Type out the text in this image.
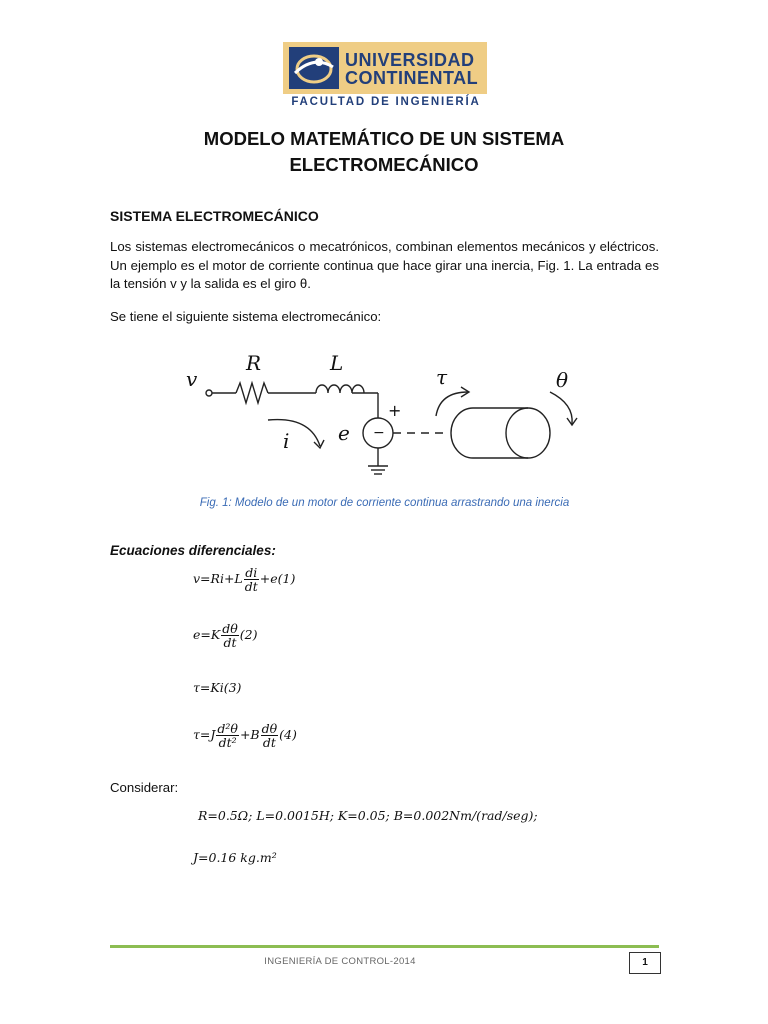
UNIVERSIDAD
CONTINENTAL
FACULTAD DE INGENIERÍA
MODELO MATEMÁTICO DE UN SISTEMA ELECTROMECÁNICO
SISTEMA ELECTROMECÁNICO
Los sistemas electromecánicos o mecatrónicos, combinan elementos mecánicos y eléctricos. Un ejemplo es el motor de corriente continua que hace girar una inercia, Fig. 1. La entrada es la tensión v y la salida es el giro θ.
Se tiene el siguiente sistema electromecánico:
v
R	L
i e
τ	θ
+
−
Fig. 1: Modelo de un motor de corriente continua arrastrando una inercia
Ecuaciones diferenciales:
$v=Ri+L \frac{di}{dt} +e(1)$
$e=K \frac{d\theta}{dt} (2)$
τ=Ki(3)
$\tau=J \frac{\text{d²θ}}{\text{dt²}} +B \frac{d\theta}{dt} (4)$
Considerar:
R=0.5Ω; L=0.0015H; K=0.05; B=0.002Nm/(rad/seg);
J=0.16 kg.m²
INGENIERÍA DE CONTROL-2014	1
